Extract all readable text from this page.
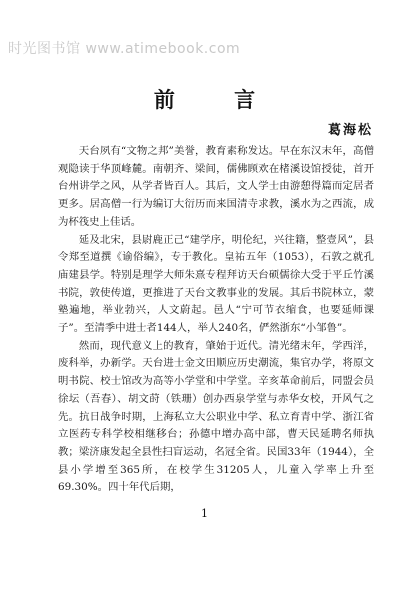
时光图书馆 www.atimebook.com
前 言
葛海松

天台夙有“文物之邦”美誉，教育素称发达。早在东汉末年，高僧观隐读于华顶峰麓。南朝齐、梁间，儒佛顾欢在楮溪设馆授徒，首开台州讲学之风，从学者皆百人。其后，文人学士由游憩得篇而定居者更多。居高僧一行为编订大衍历而来国清寺求教，溪水为之西流，成为杯筏史上佳话。

延及北宋，县尉鹿正己“建学序，明伦纪，兴往籍，整壹风”，县令郑至道撰《谕俗编》，专于教化。皇祐五年（1053），石敦之就孔庙建县学。特别是理学大师朱熹专程拜访天台硕儒徐大受于平丘竹溪书院，敦使传道，更推进了天台文教事业的发展。其后书院林立，蒙塾遍地，举业勃兴，人文蔚起。邑人“宁可节衣缩食，也要延师课子”。至清季中进士者144人，举人240名，俨然浙东“小邹鲁”。

然而，现代意义上的教育，肇始于近代。清光绪末年，学西洋，废科举，办新学。天台进士金文田顺应历史潮流，集官办学，将原文明书院、校士馆改为高等小学堂和中学堂。辛亥革命前后，同盟会员徐坛（吾春）、胡文莳（铁珊）创办西泉学堂与赤华女校，开风气之先。抗日战争时期，上海私立大公职业中学、私立育青中学、浙江省立医药专科学校相继移台；孙德中增办高中部，曹天民延聘名师执教；梁济康发起全县性扫盲运动，名冠全省。民国33年（1944），全县小学增至365所，在校学生31205人，儿童入学率上升至69.30%。四十年代后期，

1
